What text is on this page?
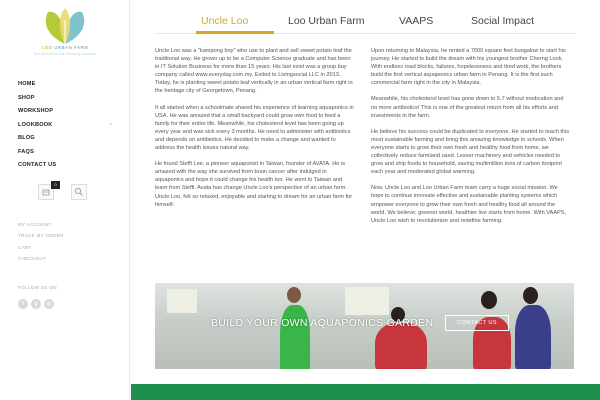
LOO URBAN FARM
Revolutionize the Farming Industry
HOME
SHOP
WORKSHOP
LOOKBOOK	›
BLOG
FAQS
CONTACT US
0
MY ACCOUNT
TRACK MY ORDER
CART
CHECKOUT
FOLLOW US ON
f	g	◎
Uncle Loo	Loo Urban Farm	VAAPS	Social Impact

Uncle Loo was a "kampong boy" who use to plant and sell sweet potato leaf the traditional way. He grown up to be a Computer Science graduate and has been in IT Solution Business for more than 15 years. His last exist was a group buy company called www.everyday.com.my. Exited to Livingsocial LLC in 2013. Today, he is planting sweet potato leaf vertically in an urban vertical farm right in the heritage city of Georgetown, Penang.

It all started when a schoolmate shared his experience of learning aquaponics in USA. He was amazed that a small backyard could grow own food to feed a family for their entire life. Meanwhile, his cholesterol level has been going up every year and was sick every 3 months. He need to administer with antibiotics and depends on antibiotics. He decided to make a change and wanted to address the health issues natural way.

He found Steffi Lee, a pioneer aquaponist in Taiwan, founder of AVATA. He is amazed with the way she survived from brain cancer after indulged in aquaponics and hope it could change his health too. He went to Taiwan and learn from Steffi. Avata has change Uncle Loo's perspective of an urban farm. Uncle Loo, felt so relaxed, enjoyable and starting to dream for an urban farm for himself.

Upon returning to Malaysia, he rented a 7000 square feet bungalow to start his journey. He started to build the dream with his youngest brother Cherng Look. With endless road blocks, failures, hopelessness and tired work, the brothers build the first vertical aquaponics urban farm in Penang. It is the first such commercial farm right in the city in Malaysia.

Meanwhile, his cholesterol level has gone down to 5.7 without medication and no more antibiotics! This is one of the greatest return from all his efforts and investments in the farm.

He believe his success could be duplicated to everyone. He started to teach this most sustainable farming and bring this amazing knowledge to schools. When everyone starts to grow their own fresh and healthy food from home, we collectively reduce farmland used. Lesser machinery and vehicles needed to grow and ship foods to household, saving multimillion tons of carbon footprint each year and moderated global warming.

Now, Uncle Loo and Loo Urban Farm team carry a huge social mission. We hope to continue innovate effective and sustainable planting systems which empower everyone to grow their own fresh and healthy food all around the world. We believe; greener world, healthier live starts from home. With VAAPS, Uncle Loo wish to revolutionize and redefine farming.

BUILD YOUR OWN AQUAPONICS GARDEN	CONTACT US
